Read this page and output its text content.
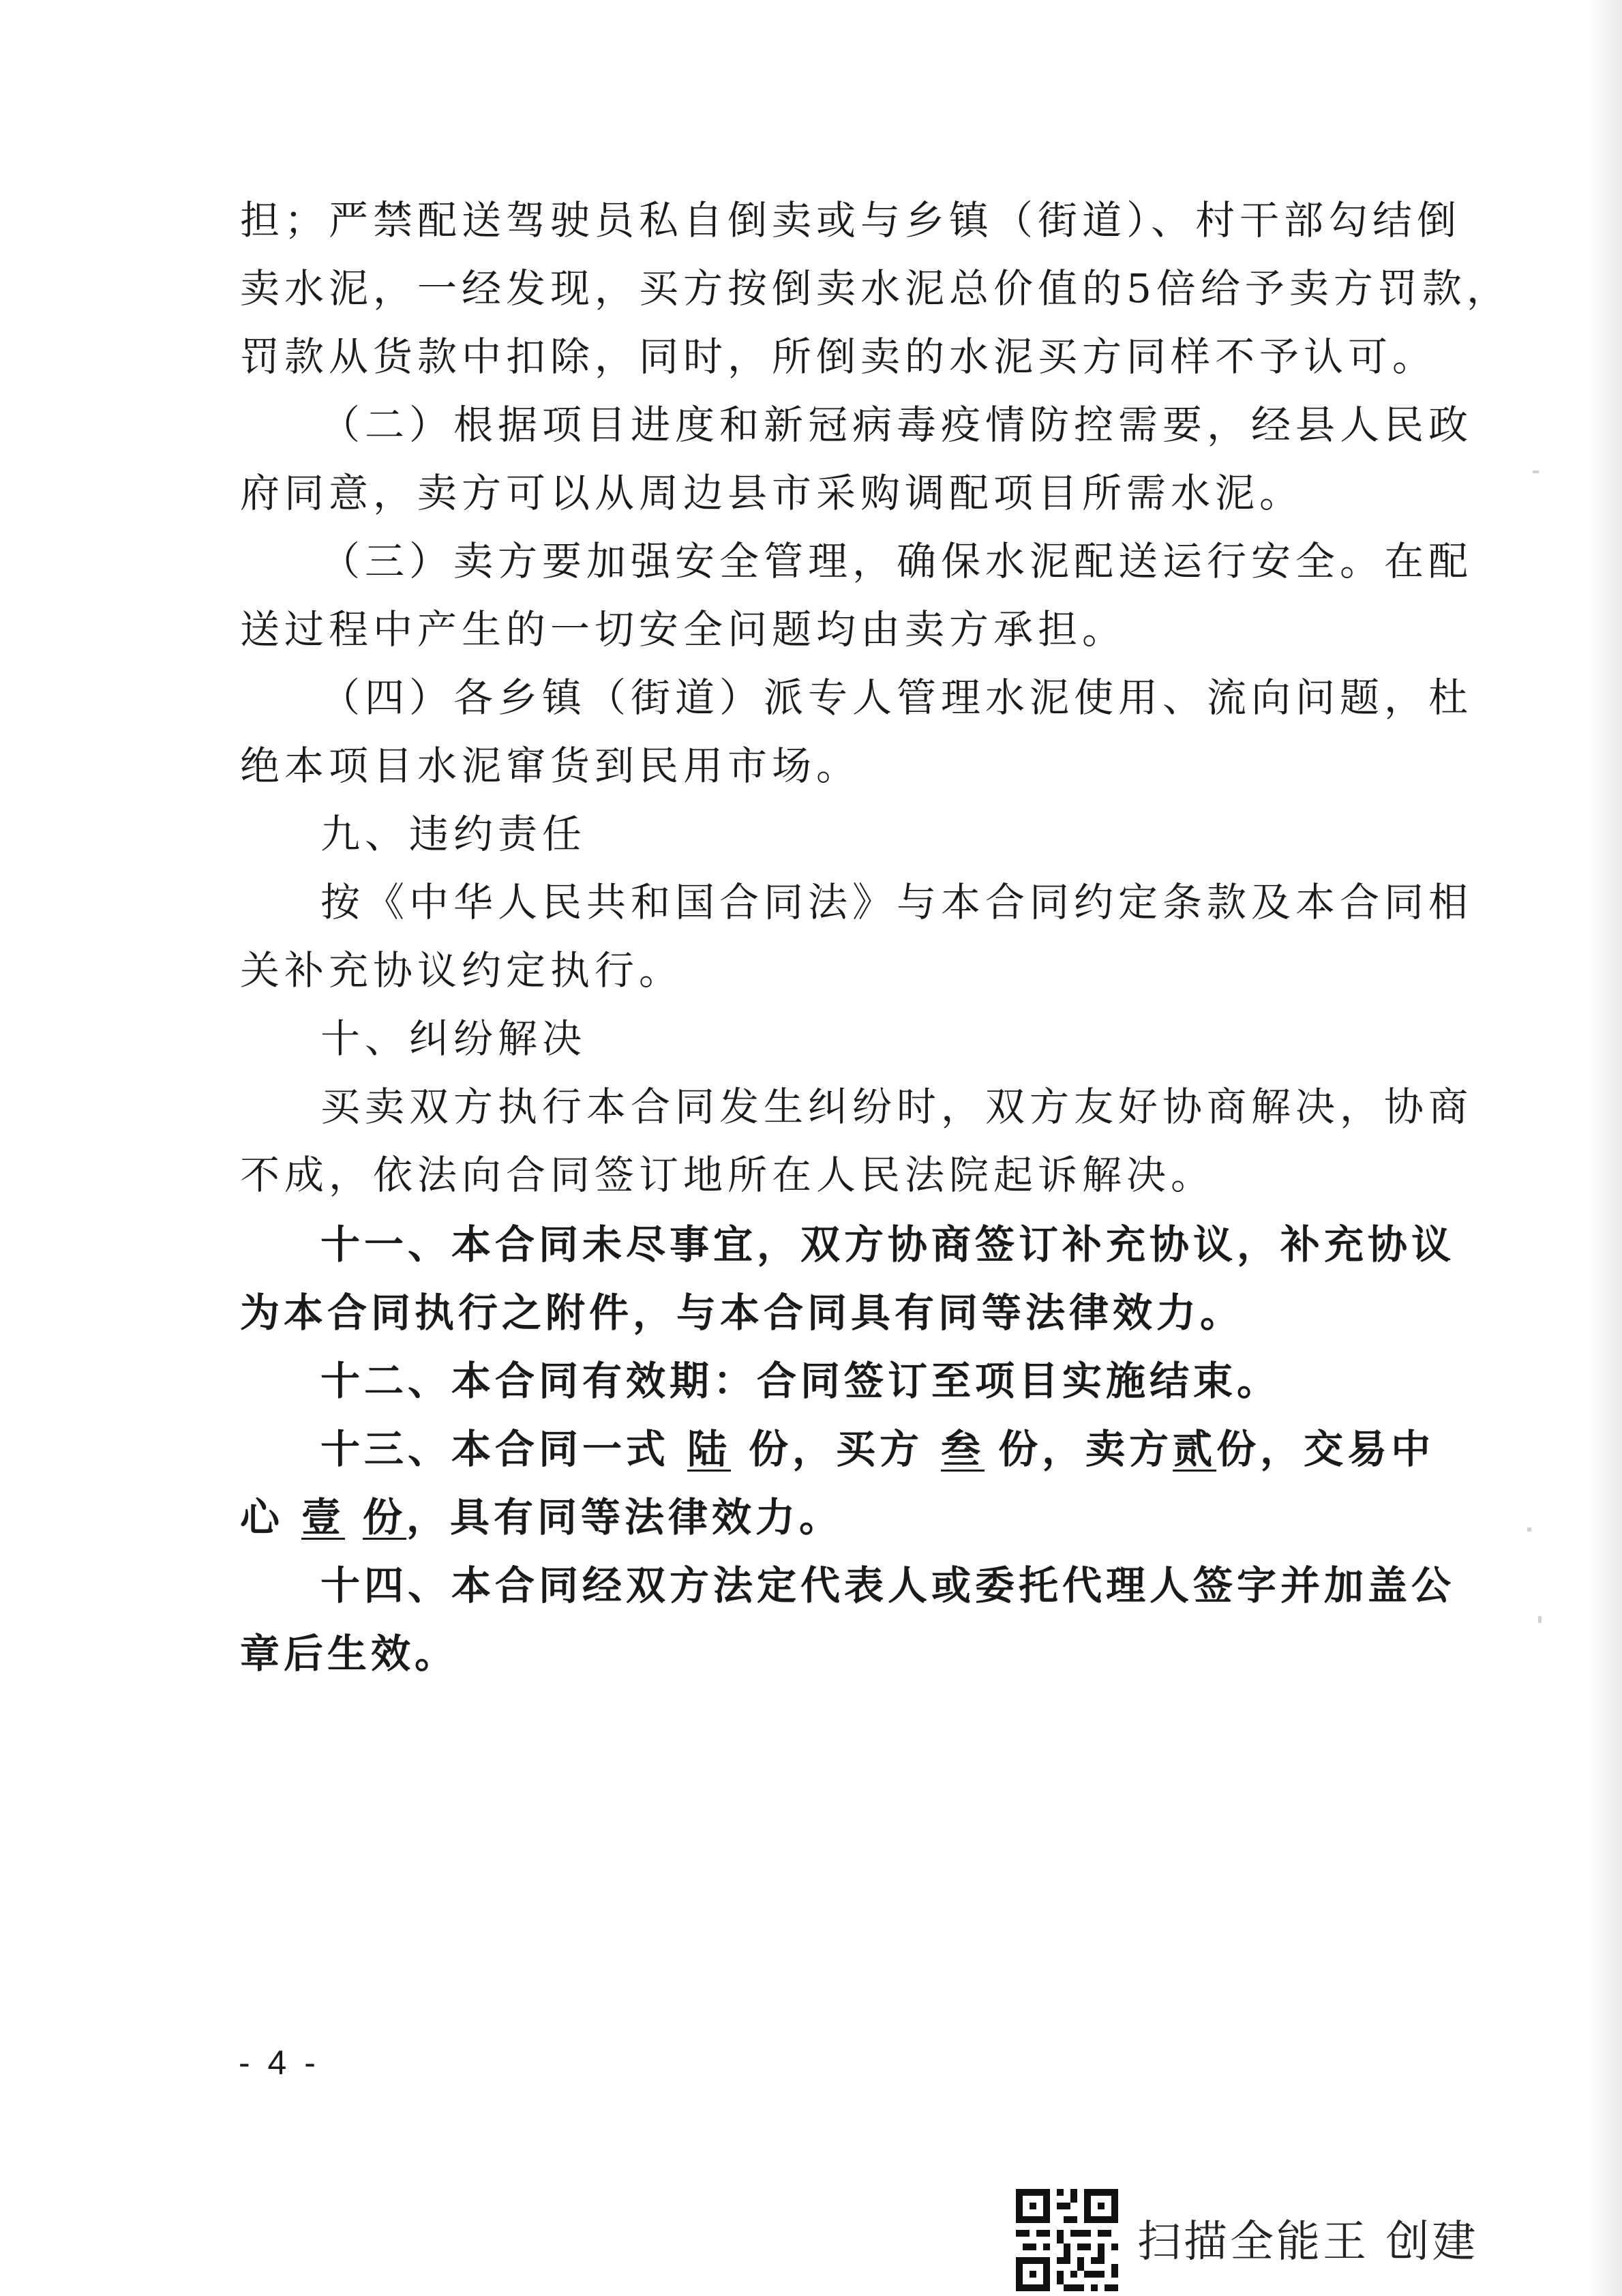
担；严禁配送驾驶员私自倒卖或与乡镇（街道）、村干部勾结倒
卖水泥，一经发现，买方按倒卖水泥总价值的5倍给予卖方罚款，
罚款从货款中扣除，同时，所倒卖的水泥买方同样不予认可。
（二）根据项目进度和新冠病毒疫情防控需要，经县人民政
府同意，卖方可以从周边县市采购调配项目所需水泥。
（三）卖方要加强安全管理，确保水泥配送运行安全。在配
送过程中产生的一切安全问题均由卖方承担。
（四）各乡镇（街道）派专人管理水泥使用、流向问题，杜
绝本项目水泥窜货到民用市场。
九、违约责任
按《中华人民共和国合同法》与本合同约定条款及本合同相
关补充协议约定执行。
十、纠纷解决
买卖双方执行本合同发生纠纷时，双方友好协商解决，协商
不成，依法向合同签订地所在人民法院起诉解决。
十一、本合同未尽事宜，双方协商签订补充协议，补充协议
为本合同执行之附件，与本合同具有同等法律效力。
十二、本合同有效期：合同签订至项目实施结束。
十三、本合同一式 陆 份，买方 叁 份，卖方贰份，交易中
心 壹 份，具有同等法律效力。
十四、本合同经双方法定代表人或委托代理人签字并加盖公
章后生效。
- 4 -
扫描全能王 创建
